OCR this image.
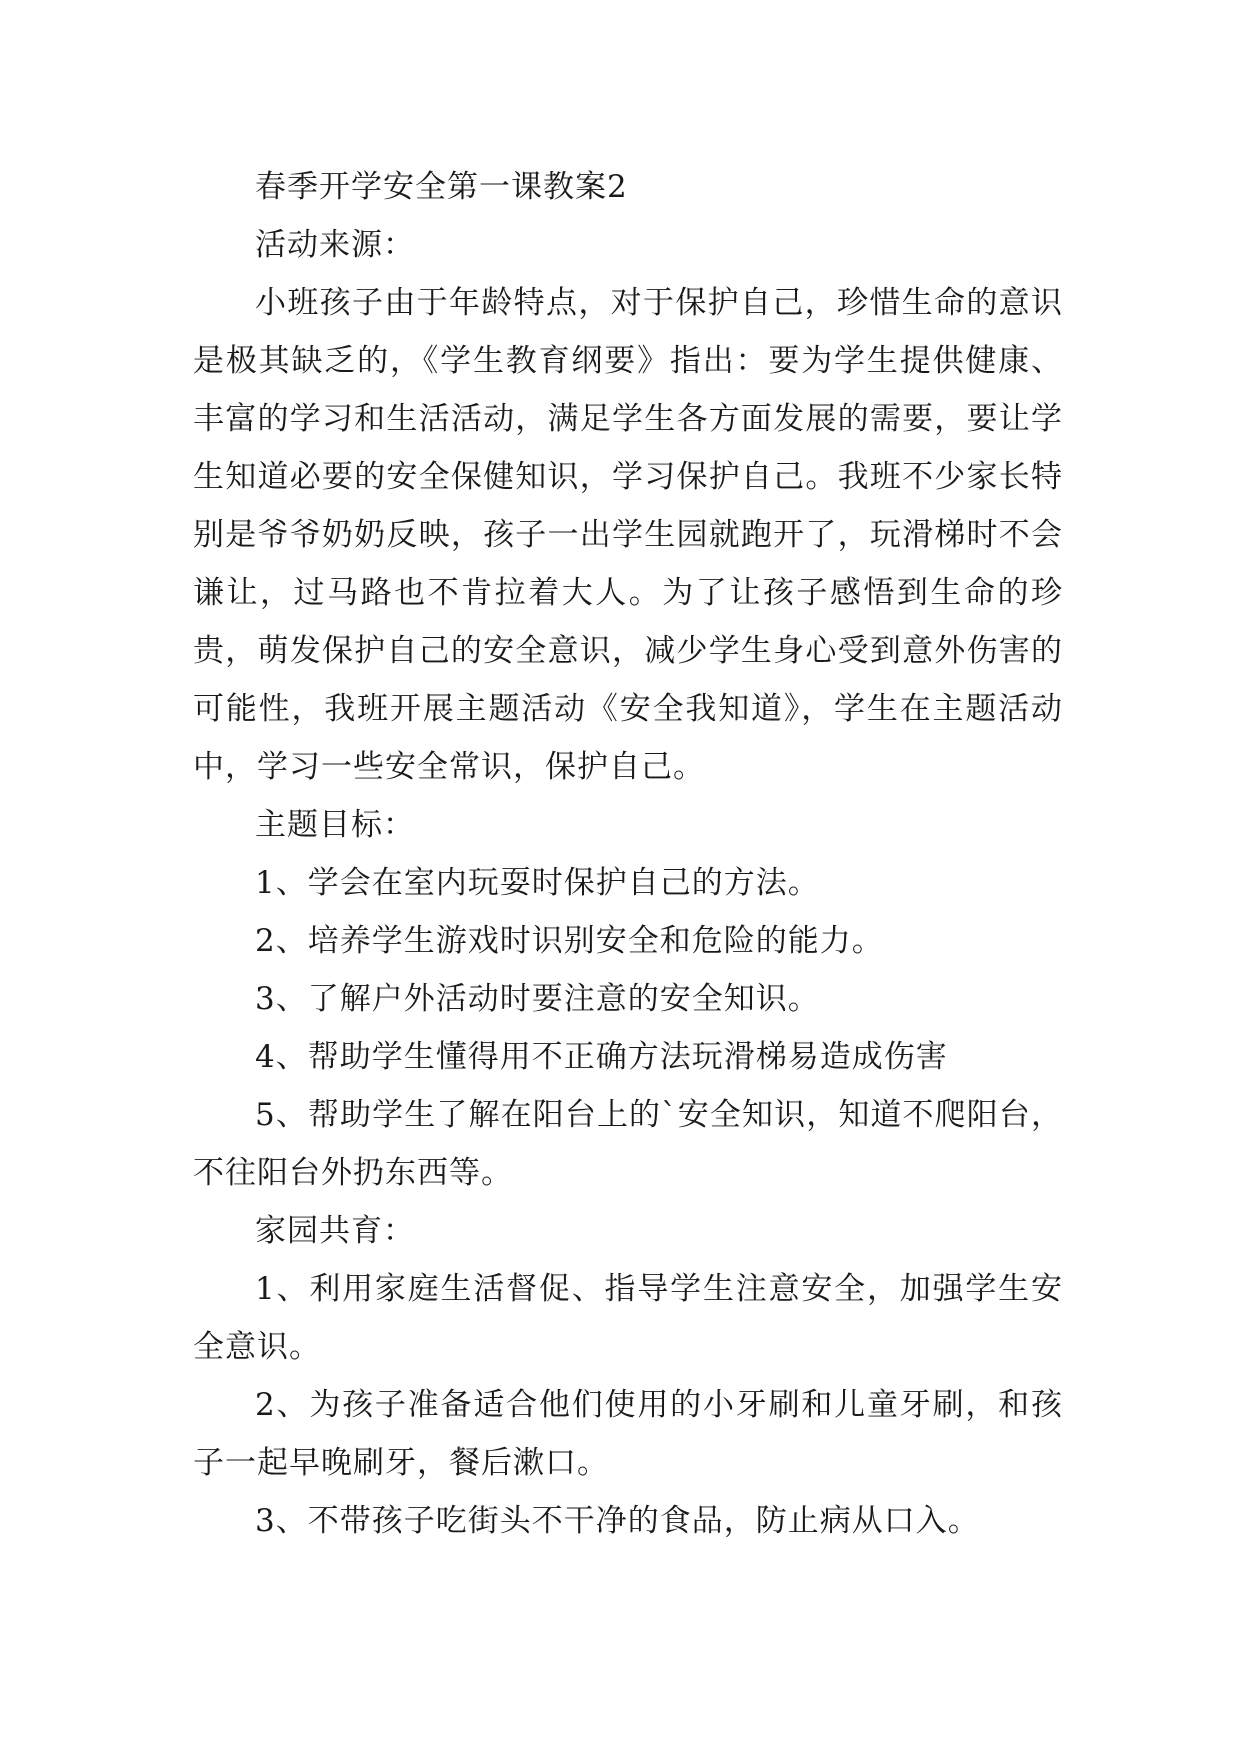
春季开学安全第一课教案2

活动来源：

小班孩子由于年龄特点，对于保护自己，珍惜生命的意识是极其缺乏的，《学生教育纲要》指出：要为学生提供健康、丰富的学习和生活活动，满足学生各方面发展的需要，要让学生知道必要的安全保健知识，学习保护自己。我班不少家长特别是爷爷奶奶反映，孩子一出学生园就跑开了，玩滑梯时不会谦让，过马路也不肯拉着大人。为了让孩子感悟到生命的珍贵，萌发保护自己的安全意识，减少学生身心受到意外伤害的可能性，我班开展主题活动《安全我知道》，学生在主题活动中，学习一些安全常识，保护自己。

主题目标：

1、学会在室内玩耍时保护自己的方法。

2、培养学生游戏时识别安全和危险的能力。

3、了解户外活动时要注意的安全知识。

4、帮助学生懂得用不正确方法玩滑梯易造成伤害

5、帮助学生了解在阳台上的`安全知识，知道不爬阳台，不往阳台外扔东西等。

家园共育：

1、利用家庭生活督促、指导学生注意安全，加强学生安全意识。

2、为孩子准备适合他们使用的小牙刷和儿童牙刷，和孩子一起早晚刷牙，餐后漱口。

3、不带孩子吃街头不干净的食品，防止病从口入。
